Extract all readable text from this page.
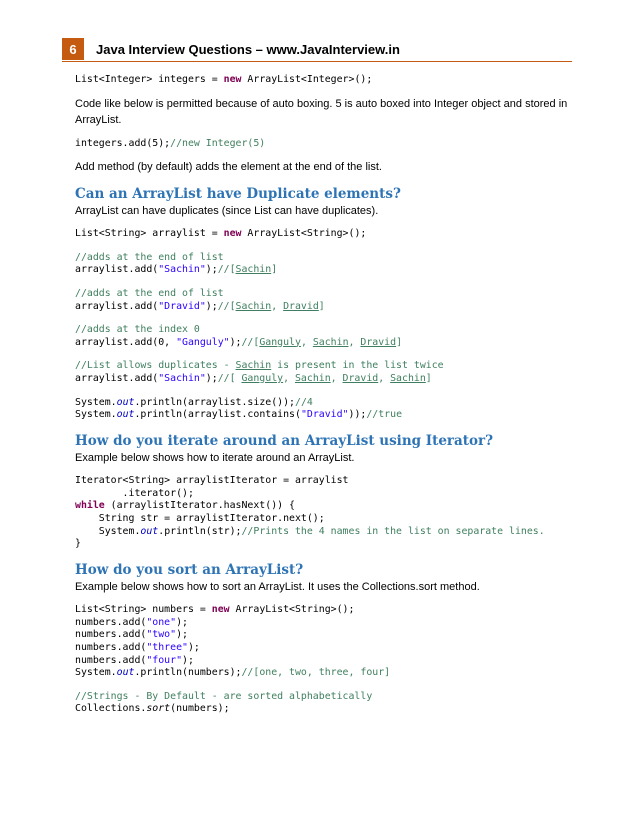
6	Java Interview Questions – www.JavaInterview.in
List<Integer> integers = new ArrayList<Integer>();

Code like below is permitted because of auto boxing. 5 is auto boxed into Integer object and stored in ArrayList.

integers.add(5);//new Integer(5)

Add method (by default) adds the element at the end of the list.

Can an ArrayList have Duplicate elements?

ArrayList can have duplicates (since List can have duplicates).

List<String> arraylist = new ArrayList<String>();
//adds at the end of list
arraylist.add("Sachin");//[Sachin]
//adds at the end of list
arraylist.add("Dravid");//[Sachin, Dravid]
//adds at the index 0
arraylist.add(0, "Ganguly");//[Ganguly, Sachin, Dravid]
//List allows duplicates - Sachin is present in the list twice
arraylist.add("Sachin");//[ Ganguly, Sachin, Dravid, Sachin]
System.out.println(arraylist.size());//4
System.out.println(arraylist.contains("Dravid"));//true
How do you iterate around an ArrayList using Iterator?

Example below shows how to iterate around an ArrayList.

Iterator<String> arraylistIterator = arraylist
.iterator();
while (arraylistIterator.hasNext()) {
String str = arraylistIterator.next();
System.out.println(str);//Prints the 4 names in the list on separate lines.
}
How do you sort an ArrayList?

Example below shows how to sort an ArrayList. It uses the Collections.sort method.

List<String> numbers = new ArrayList<String>();
numbers.add("one");
numbers.add("two");
numbers.add("three");
numbers.add("four");
System.out.println(numbers);//[one, two, three, four]
//Strings - By Default - are sorted alphabetically
Collections.sort(numbers);
